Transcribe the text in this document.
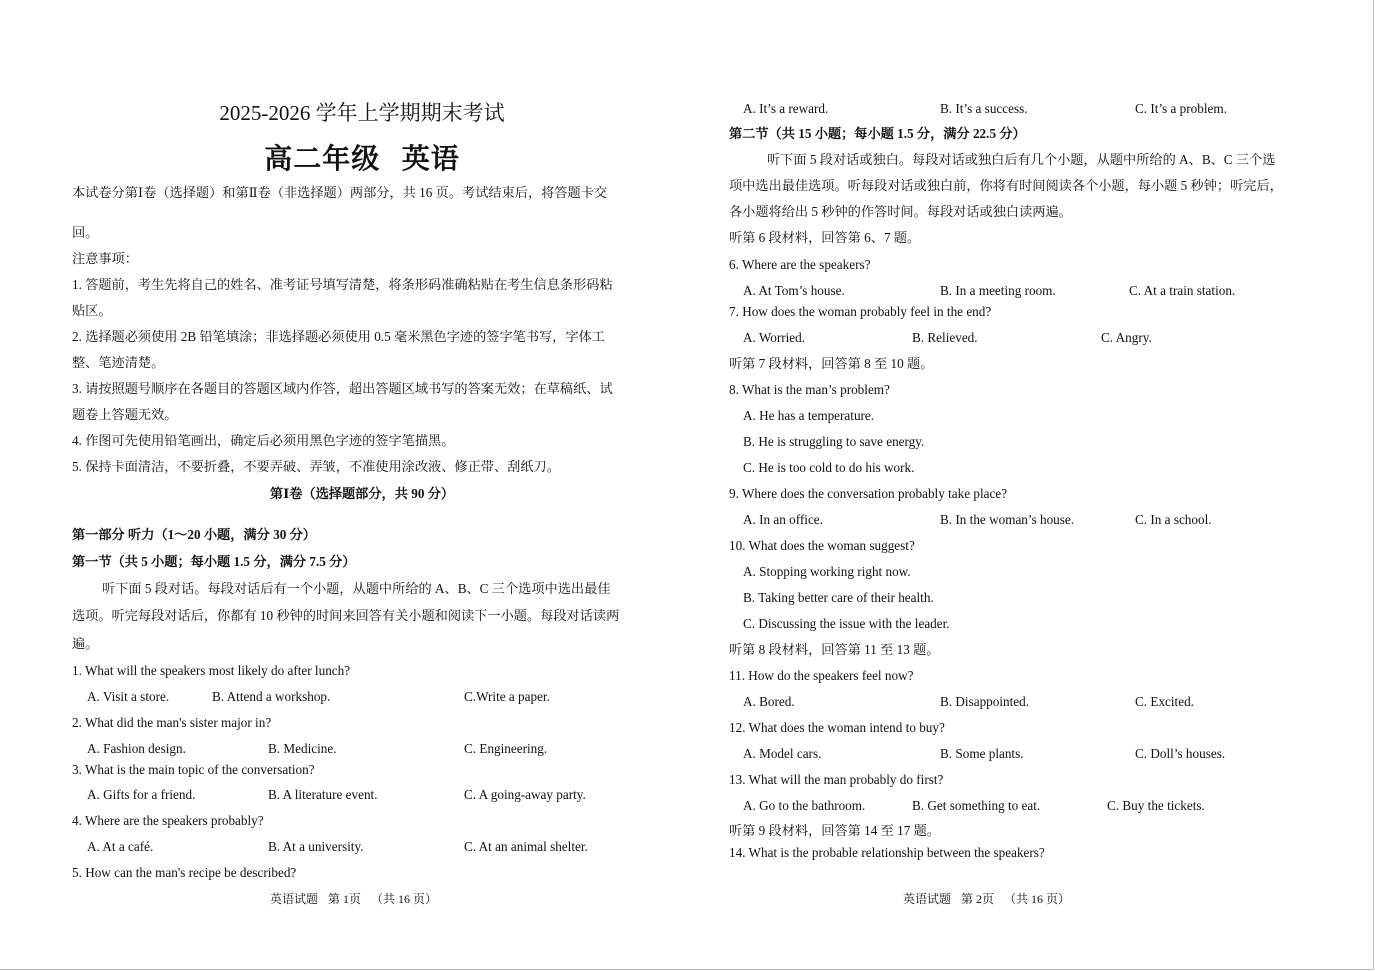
2025-2026 学年上学期期末考试
高二年级  英语
本试卷分第Ⅰ卷（选择题）和第Ⅱ卷（非选择题）两部分，共 16 页。考试结束后，将答题卡交
回。
注意事项：
1. 答题前，考生先将自己的姓名、准考证号填写清楚，将条形码准确粘贴在考生信息条形码粘
贴区。
2. 选择题必须使用 2B 铅笔填涂；非选择题必须使用 0.5 毫米黑色字迹的签字笔书写，字体工
整、笔迹清楚。
3. 请按照题号顺序在各题目的答题区域内作答，超出答题区域书写的答案无效；在草稿纸、试
题卷上答题无效。
4. 作图可先使用铅笔画出，确定后必须用黑色字迹的签字笔描黑。
5. 保持卡面清洁，不要折叠，不要弄破、弄皱，不准使用涂改液、修正带、刮纸刀。
第Ⅰ卷（选择题部分，共 90 分）
第一部分 听力（1～20 小题，满分 30 分）
第一节（共 5 小题；每小题 1.5 分，满分 7.5 分）
听下面 5 段对话。每段对话后有一个小题，从题中所给的 A、B、C 三个选项中选出最佳
选项。听完每段对话后，你都有 10 秒钟的时间来回答有关小题和阅读下一小题。每段对话读两
遍。
1. What will the speakers most likely do after lunch?
A. Visit a store.	B. Attend a workshop.	C.Write a paper.
2. What did the man's sister major in?
A. Fashion design.	B. Medicine.	C. Engineering.
3. What is the main topic of the conversation?
A. Gifts for a friend.	B. A literature event.	C. A going-away party.
4. Where are the speakers probably?
A. At a café.	B. At a university.	C. At an animal shelter.
5. How can the man's recipe be described?
英语试题 第 1页 （共 16 页）
A. It’s a reward.	B. It’s a success.	C. It’s a problem.
第二节（共 15 小题；每小题 1.5 分，满分 22.5 分）
听下面 5 段对话或独白。每段对话或独白后有几个小题，从题中所给的 A、B、C 三个选
项中选出最佳选项。听每段对话或独白前，你将有时间阅读各个小题，每小题 5 秒钟；听完后，
各小题将给出 5 秒钟的作答时间。每段对话或独白读两遍。
听第 6 段材料，回答第 6、7 题。
6. Where are the speakers?
A. At Tom’s house.	B. In a meeting room.	C. At a train station.
7. How does the woman probably feel in the end?
A. Worried.	B. Relieved.	C. Angry.
听第 7 段材料，回答第 8 至 10 题。
8. What is the man’s problem?
A. He has a temperature.
B. He is struggling to save energy.
C. He is too cold to do his work.
9. Where does the conversation probably take place?
A. In an office.	B. In the woman’s house.	C. In a school.
10. What does the woman suggest?
A. Stopping working right now.
B. Taking better care of their health.
C. Discussing the issue with the leader.
听第 8 段材料，回答第 11 至 13 题。
11. How do the speakers feel now?
A. Bored.	B. Disappointed.	C. Excited.
12. What does the woman intend to buy?
A. Model cars.	B. Some plants.	C. Doll’s houses.
13. What will the man probably do first?
A. Go to the bathroom.	B. Get something to eat.	C. Buy the tickets.
听第 9 段材料，回答第 14 至 17 题。
14. What is the probable relationship between the speakers?
英语试题 第 2页 （共 16 页）
